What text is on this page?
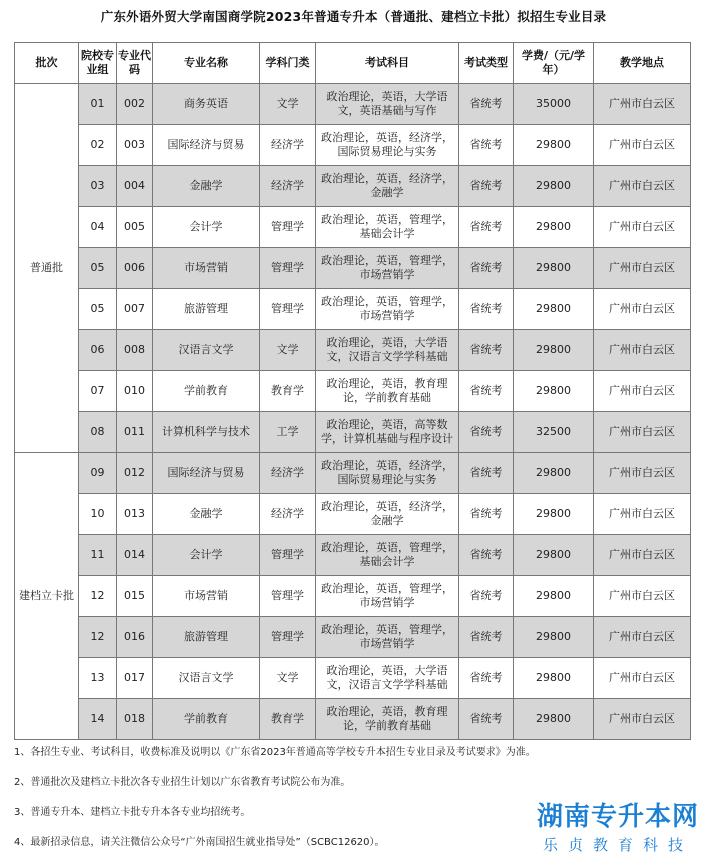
广东外语外贸大学南国商学院2023年普通专升本（普通批、建档立卡批）拟招生专业目录
批次	院校专业组	专业代码	专业名称	学科门类	考试科目	考试类型	学费/（元/学年）	教学地点
普通批	01	002	商务英语	文学	政治理论，英语，大学语文，英语基础与写作	省统考	35000	广州市白云区
	02	003	国际经济与贸易	经济学	政治理论，英语，经济学，国际贸易理论与实务	省统考	29800	广州市白云区
	03	004	金融学	经济学	政治理论，英语，经济学，金融学	省统考	29800	广州市白云区
	04	005	会计学	管理学	政治理论，英语，管理学，基础会计学	省统考	29800	广州市白云区
	05	006	市场营销	管理学	政治理论，英语，管理学，市场营销学	省统考	29800	广州市白云区
	05	007	旅游管理	管理学	政治理论，英语，管理学，市场营销学	省统考	29800	广州市白云区
	06	008	汉语言文学	文学	政治理论，英语，大学语文，汉语言文学学科基础	省统考	29800	广州市白云区
	07	010	学前教育	教育学	政治理论，英语，教育理论，学前教育基础	省统考	29800	广州市白云区
	08	011	计算机科学与技术	工学	政治理论，英语，高等数学，计算机基础与程序设计	省统考	32500	广州市白云区
建档立卡批	09	012	国际经济与贸易	经济学	政治理论，英语，经济学，国际贸易理论与实务	省统考	29800	广州市白云区
	10	013	金融学	经济学	政治理论，英语，经济学，金融学	省统考	29800	广州市白云区
	11	014	会计学	管理学	政治理论，英语，管理学，基础会计学	省统考	29800	广州市白云区
	12	015	市场营销	管理学	政治理论，英语，管理学，市场营销学	省统考	29800	广州市白云区
	12	016	旅游管理	管理学	政治理论，英语，管理学，市场营销学	省统考	29800	广州市白云区
	13	017	汉语言文学	文学	政治理论，英语，大学语文，汉语言文学学科基础	省统考	29800	广州市白云区
	14	018	学前教育	教育学	政治理论，英语，教育理论，学前教育基础	省统考	29800	广州市白云区
1、各招生专业、考试科目，收费标准及说明以《广东省2023年普通高等学校专升本招生专业目录及考试要求》为准。
2、普通批次及建档立卡批次各专业招生计划以广东省教育考试院公布为准。
3、普通专升本、建档立卡批专升本各专业均招统考。
4、最新招录信息，请关注微信公众号“广外南国招生就业指导处”（SCBC12620）。
湖南专升本网
乐贞教育科技
